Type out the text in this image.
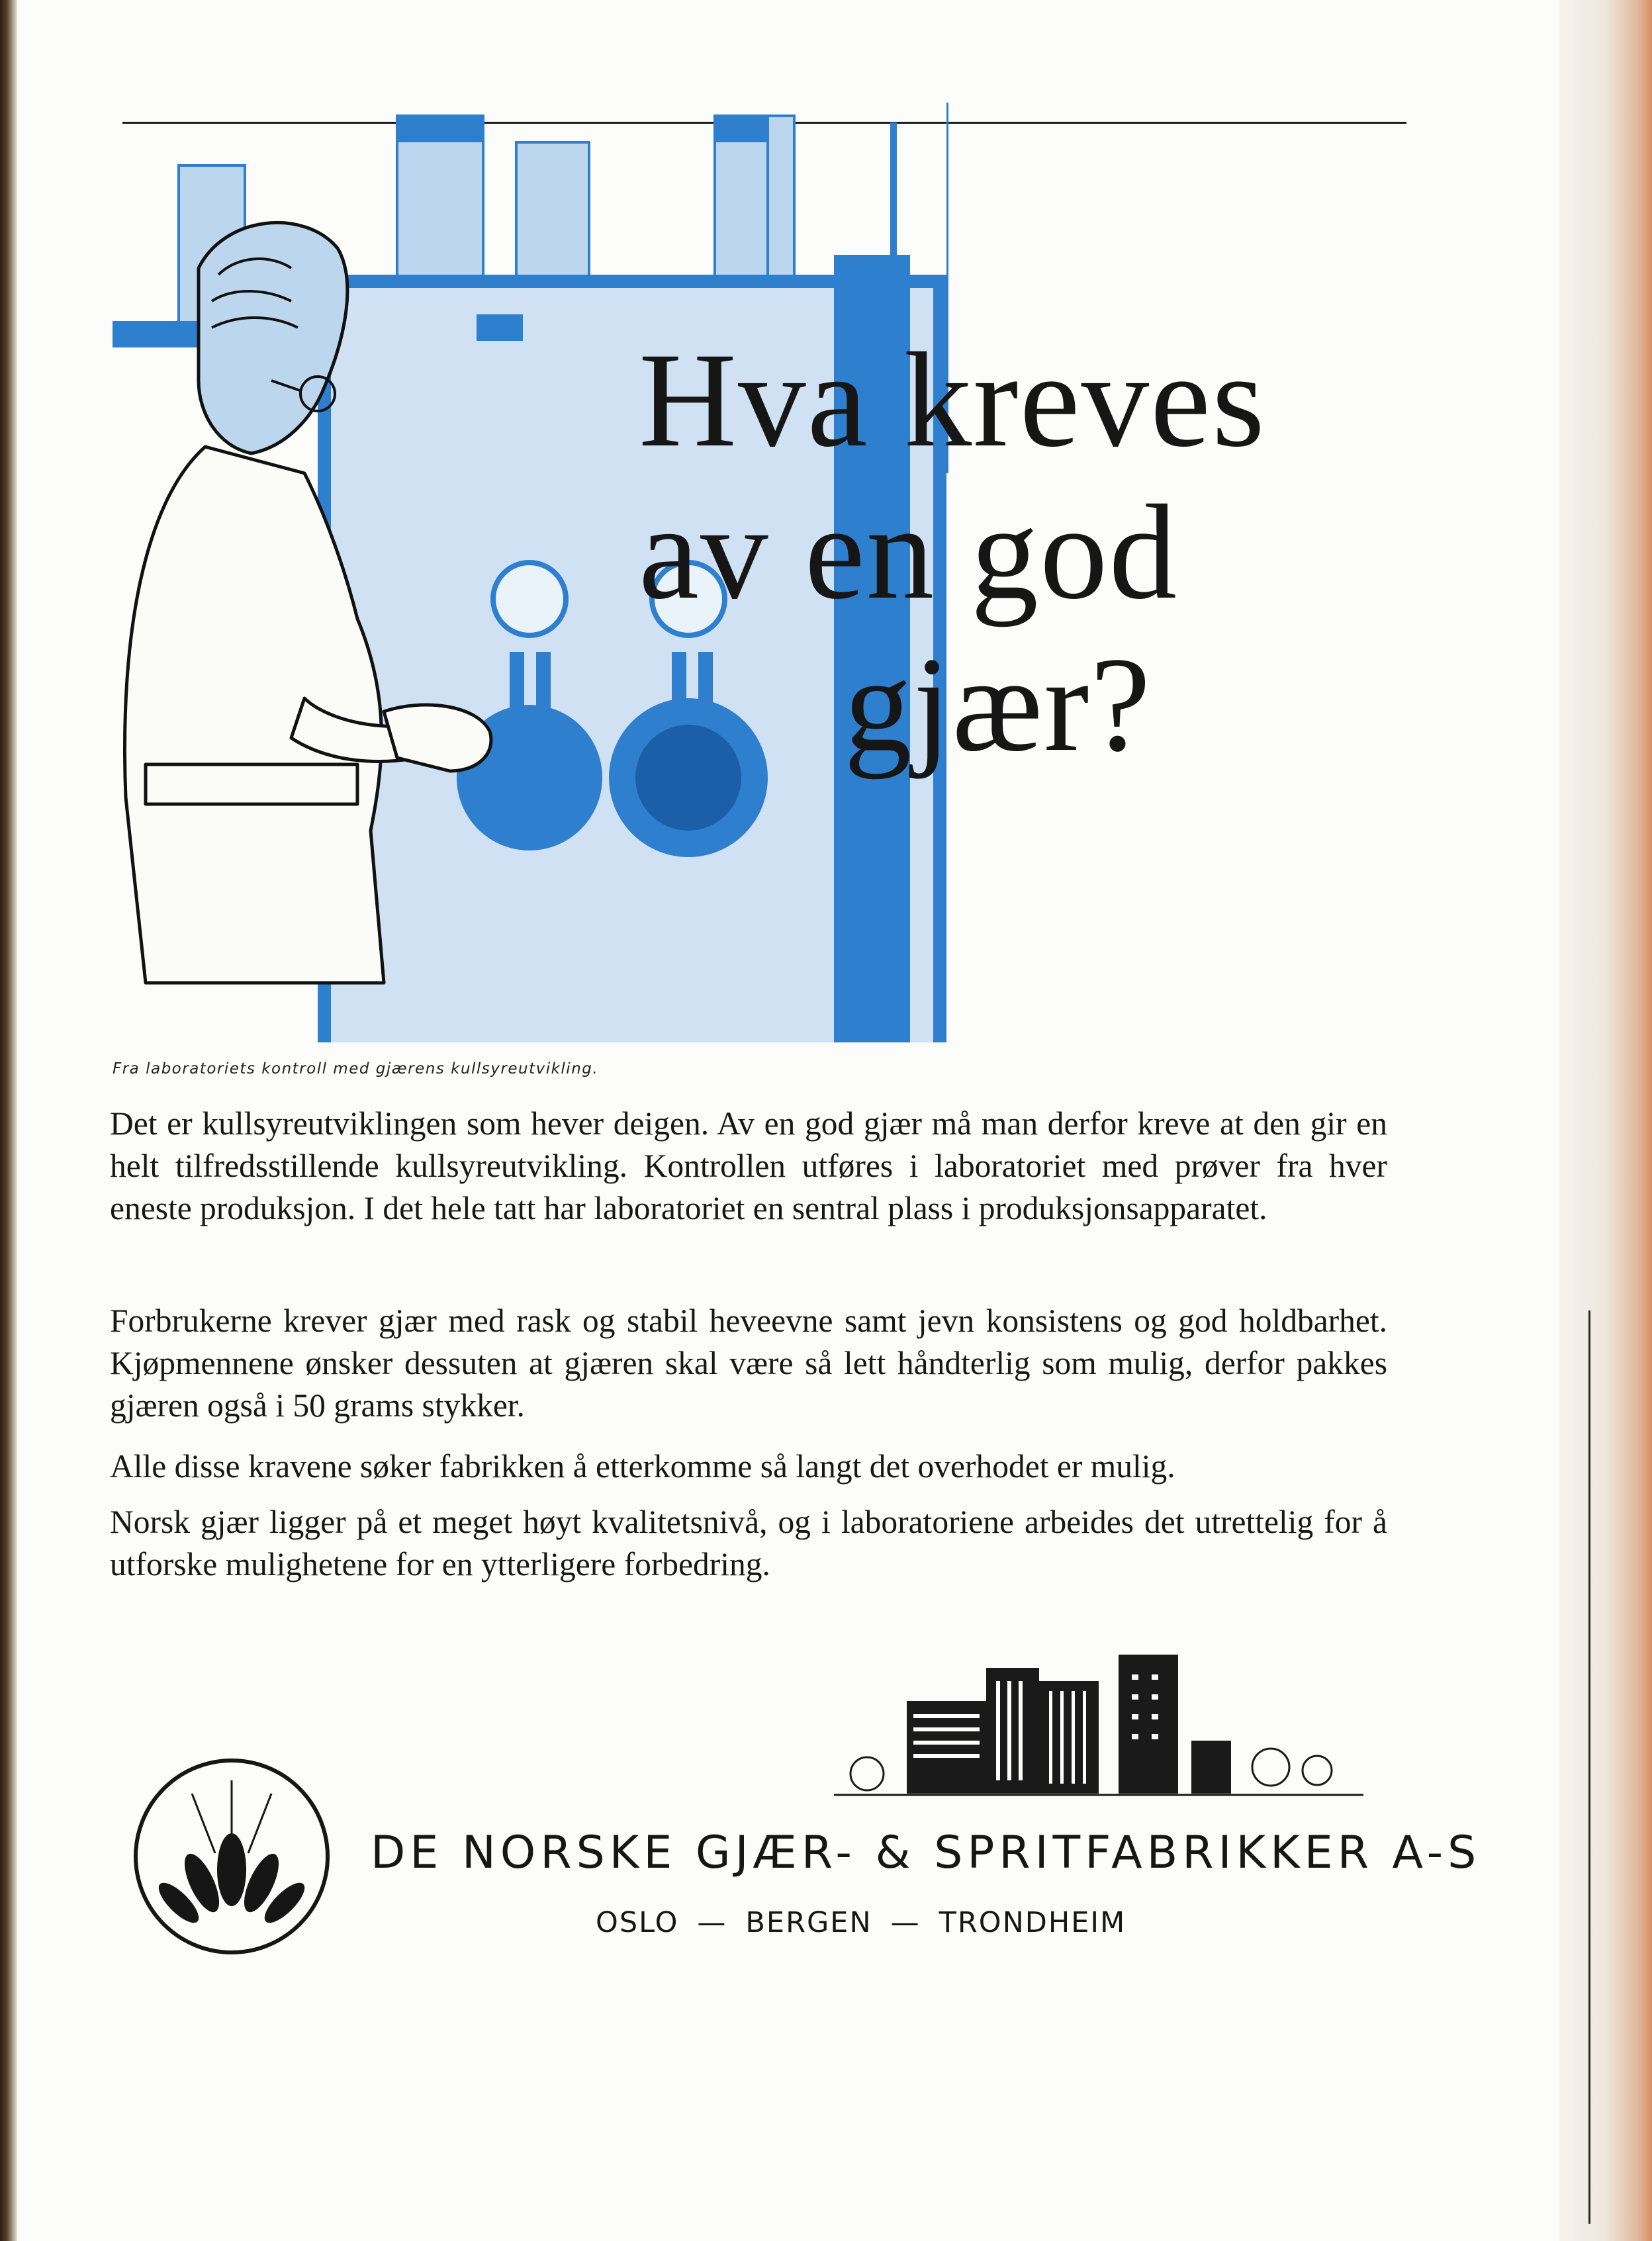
Hva kreves
av en god
gjær?
Fra laboratoriets kontroll med gjærens kullsyreutvikling.

Det er kullsyreutviklingen som hever deigen. Av en god gjær må man derfor kreve at den gir en helt tilfredsstillende kullsyreutvikling. Kontrollen utføres i laboratoriet med prøver fra hver eneste produksjon. I det hele tatt har laboratoriet en sentral plass i produksjonsapparatet.

Forbrukerne krever gjær med rask og stabil heveevne samt jevn konsistens og god holdbarhet. Kjøpmennene ønsker dessuten at gjæren skal være så lett håndterlig som mulig, derfor pakkes gjæren også i 50 grams stykker.

Alle disse kravene søker fabrikken å etterkomme så langt det overhodet er mulig.

Norsk gjær ligger på et meget høyt kvalitetsnivå, og i laboratoriene arbeides det utrettelig for å utforske mulighetene for en ytterligere forbedring.

DE NORSKE GJÆR- & SPRITFABRIKKER A-S
OSLO — BERGEN — TRONDHEIM
